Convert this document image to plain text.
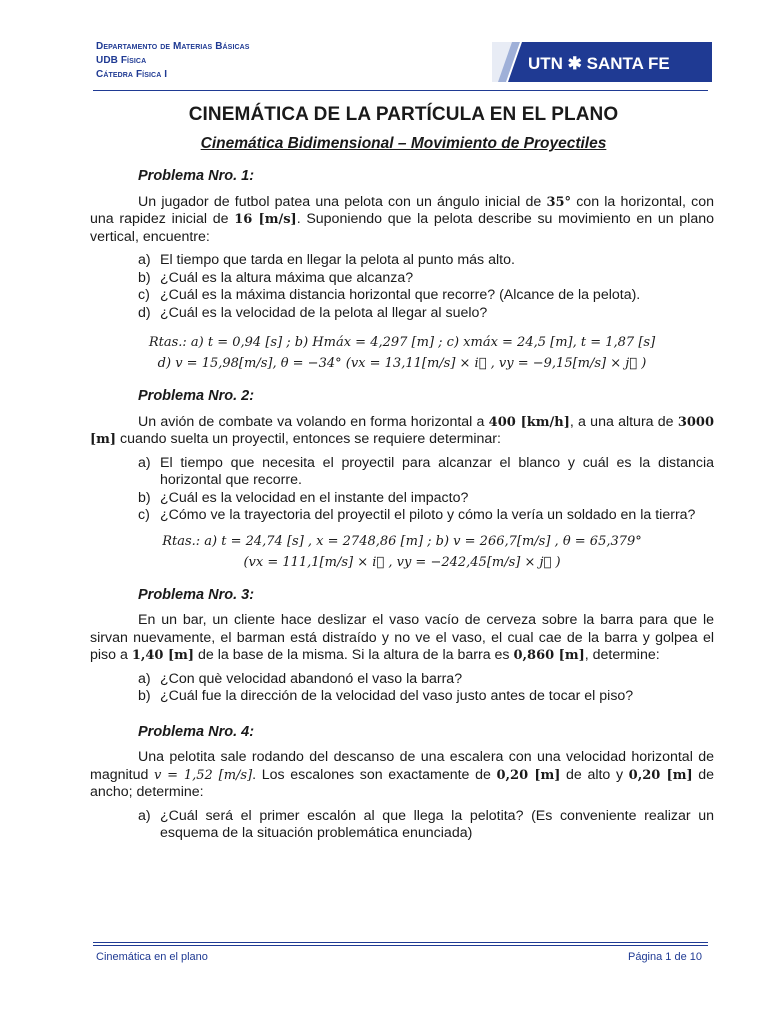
Departamento de Materias Básicas
UDB Física
Cátedra Física I
UTN ✱ SANTA FE
CINEMÁTICA DE LA PARTÍCULA EN EL PLANO
Cinemática Bidimensional – Movimiento de Proyectiles

Problema Nro. 1:

Un jugador de futbol patea una pelota con un ángulo inicial de 35° con la horizontal, con una rapidez inicial de 16 [m/s]. Suponiendo que la pelota describe su movimiento en un plano vertical, encuentre:

a) El tiempo que tarda en llegar la pelota al punto más alto.
b) ¿Cuál es la altura máxima que alcanza?
c) ¿Cuál es la máxima distancia horizontal que recorre? (Alcance de la pelota).
d) ¿Cuál es la velocidad de la pelota al llegar al suelo?

Rtas.: a) t = 0,94 [s] ; b) Hmáx = 4,297 [m] ; c) xmáx = 24,5 [m], t = 1,87 [s]

d) v = 15,98[m/s], θ = −34° (vx = 13,11[m/s] × i⃗ , vy = −9,15[m/s] × j⃗ )

Problema Nro. 2:

Un avión de combate va volando en forma horizontal a 400 [km/h], a una altura de 3000 [m] cuando suelta un proyectil, entonces se requiere determinar:

a) El tiempo que necesita el proyectil para alcanzar el blanco y cuál es la distancia horizontal que recorre.
b) ¿Cuál es la velocidad en el instante del impacto?
c) ¿Cómo ve la trayectoria del proyectil el piloto y cómo la vería un soldado en la tierra?

Rtas.: a) t = 24,74 [s] , x = 2748,86 [m] ; b) v = 266,7[m/s] , θ = 65,379°

(vx = 111,1[m/s] × i⃗ , vy = −242,45[m/s] × j⃗ )

Problema Nro. 3:

En un bar, un cliente hace deslizar el vaso vacío de cerveza sobre la barra para que le sirvan nuevamente, el barman está distraído y no ve el vaso, el cual cae de la barra y golpea el piso a 1,40 [m] de la base de la misma. Si la altura de la barra es 0,860 [m], determine:

a) ¿Con què velocidad abandonó el vaso la barra?
b) ¿Cuál fue la dirección de la velocidad del vaso justo antes de tocar el piso?

Problema Nro. 4:

Una pelotita sale rodando del descanso de una escalera con una velocidad horizontal de magnitud v = 1,52 [m/s]. Los escalones son exactamente de 0,20 [m] de alto y 0,20 [m] de ancho; determine:

a) ¿Cuál será el primer escalón al que llega la pelotita? (Es conveniente realizar un esquema de la situación problemática enunciada)
Cinemática en el plano	Página 1 de 10
